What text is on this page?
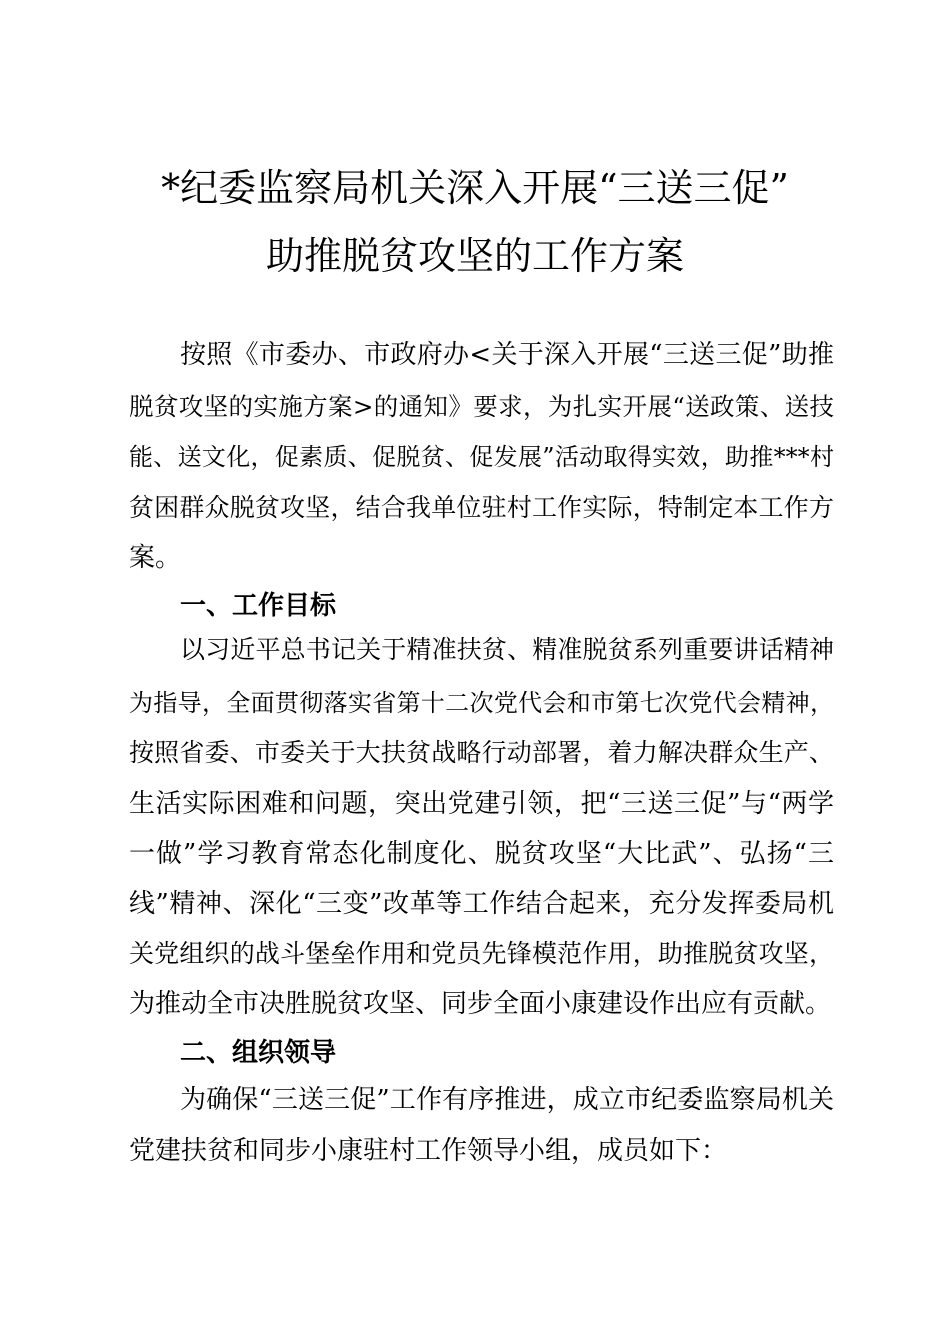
*纪委监察局机关深入开展“三送三促”
助推脱贫攻坚的工作方案
按照《市委办、市政府办<关于深入开展“三送三促”助推
脱贫攻坚的实施方案>的通知》要求，为扎实开展“送政策、送技
能、送文化，促素质、促脱贫、促发展”活动取得实效，助推***村
贫困群众脱贫攻坚，结合我单位驻村工作实际，特制定本工作方
案。
一、工作目标
以习近平总书记关于精准扶贫、精准脱贫系列重要讲话精神
为指导，全面贯彻落实省第十二次党代会和市第七次党代会精神，
按照省委、市委关于大扶贫战略行动部署，着力解决群众生产、
生活实际困难和问题，突出党建引领，把“三送三促”与“两学
一做”学习教育常态化制度化、脱贫攻坚“大比武”、弘扬“三
线”精神、深化“三变”改革等工作结合起来，充分发挥委局机
关党组织的战斗堡垒作用和党员先锋模范作用，助推脱贫攻坚，
为推动全市决胜脱贫攻坚、同步全面小康建设作出应有贡献。
二、组织领导
为确保“三送三促”工作有序推进，成立市纪委监察局机关
党建扶贫和同步小康驻村工作领导小组，成员如下：
